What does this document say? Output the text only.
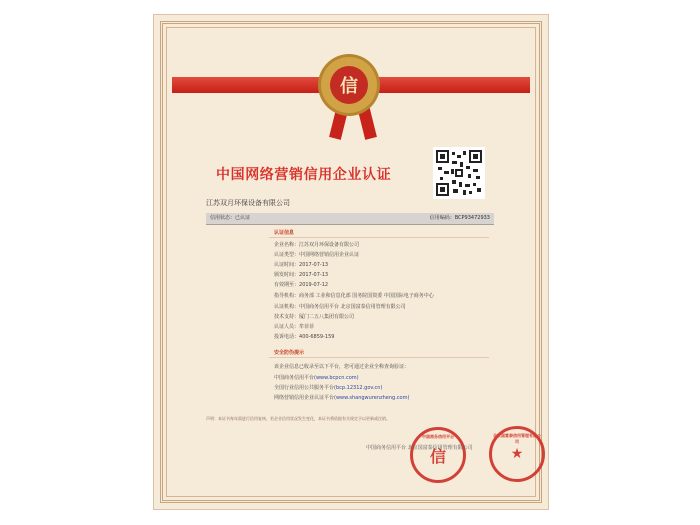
信
中国网络营销信用企业认证
江苏双月环保设备有限公司
信用状态：已认证	信用编码：BCP93472933
认证信息
企业名称：江苏双月环保设备有限公司
认证类型：中国网络营销信用企业认证
认证时间：2017-07-13
颁发时间：2017-07-13
有效期至：2019-07-12
指导机构：商务部 工业和信息化部 国务院国资委 中国国际电子商务中心
认证机构：中国商务信用平台 北京国富泰信用管理有限公司
技术支持：厦门二五八集团有限公司
认证人员：牟菲菲
投诉电话：400-6859-159
安全防伪提示
该企业信息已收录至以下平台，您可通过企业全称查询验证：
中国商务信用平台(www.bcpcn.com)
全国行业信用公共服务平台(bcp.12312.gov.cn)
网络营销信用企业认证平台(www.shangwurenzheng.com)
声明：本证书每年需进行信用复核，若企业信用状况发生变化，本证书将依据有关规定予以更新或注销。
中国商务信用平台
信
北京国富泰信用管理有限公司
★
中国商务信用平台 北京国富泰信用管理有限公司
